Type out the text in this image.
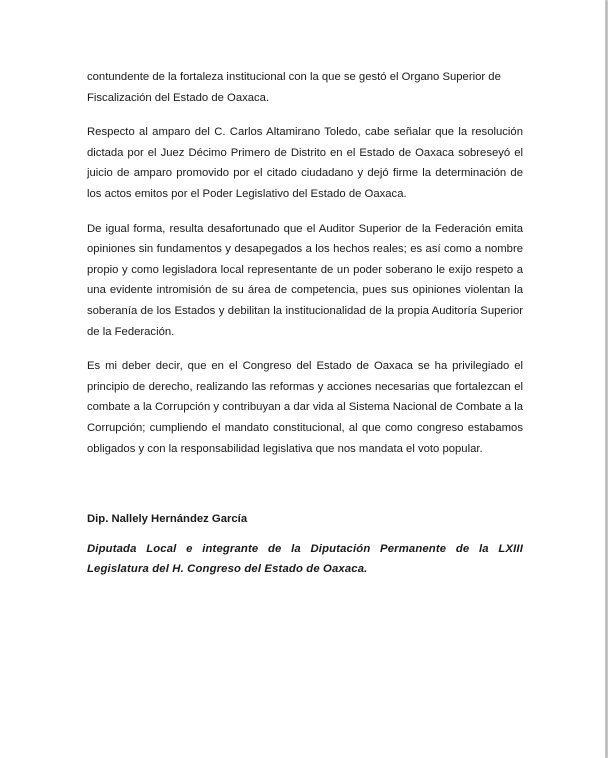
contundente de la fortaleza institucional con la que se gestó el Organo Superior de Fiscalización del Estado de Oaxaca.

Respecto al amparo del C. Carlos Altamirano Toledo, cabe señalar que la resolución dictada por el Juez Décimo Primero de Distrito en el Estado de Oaxaca sobreseyó el juicio de amparo promovido por el citado ciudadano y dejó firme la determinación de los actos emitos por el Poder Legislativo del Estado de Oaxaca.

De igual forma, resulta desafortunado que el Auditor Superior de la Federación emita opiniones sin fundamentos y desapegados a los hechos reales; es así como a nombre propio y como legisladora local representante de un poder soberano le exijo respeto a una evidente intromisión de su área de competencia, pues sus opiniones violentan la soberanía de los Estados y debilitan la institucionalidad de la propia Auditoría Superior de la Federación.

Es mi deber decir, que en el Congreso del Estado de Oaxaca se ha privilegiado el principio de derecho, realizando las reformas y acciones necesarias que fortalezcan el combate a la Corrupción y contribuyan a dar vida al Sistema Nacional de Combate a la Corrupción; cumpliendo el mandato constitucional, al que como congreso estabamos obligados y con la responsabilidad legislativa que nos mandata el voto popular.

Dip. Nallely Hernández García

Diputada Local e integrante de la Diputación Permanente de la LXIII Legislatura del H. Congreso del Estado de Oaxaca.
